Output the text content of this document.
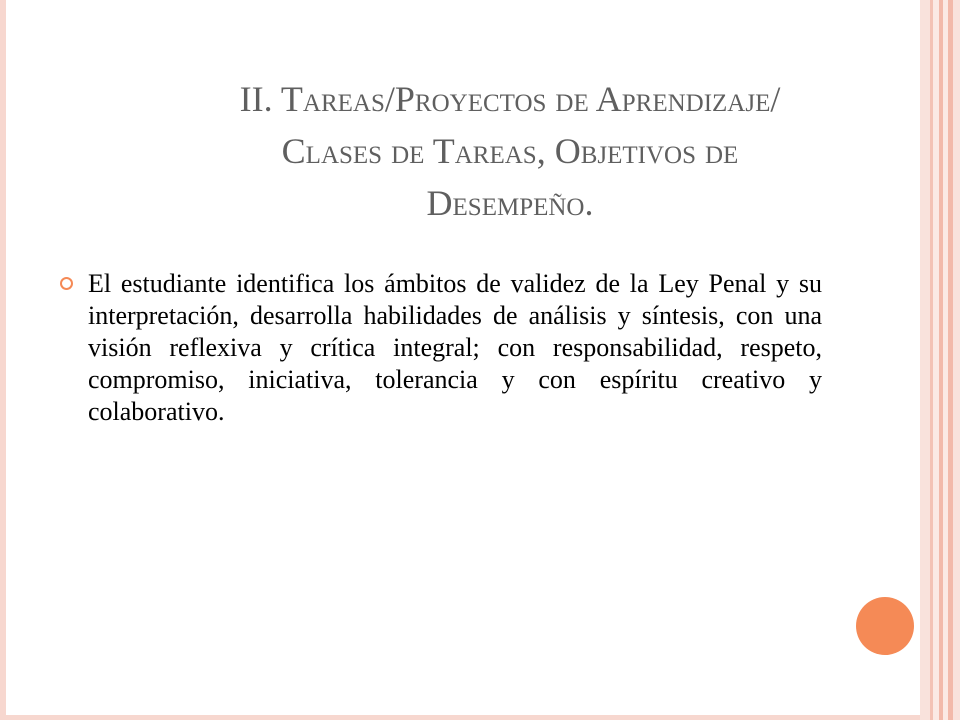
II. Tareas/Proyectos de Aprendizaje/
Clases de Tareas, Objetivos de
Desempeño.

El estudiante identifica los ámbitos de validez de la Ley Penal y su interpretación, desarrolla habilidades de análisis y síntesis, con una visión reflexiva y crítica integral; con responsabilidad, respeto, compromiso, iniciativa, tolerancia y con espíritu creativo y colaborativo.
